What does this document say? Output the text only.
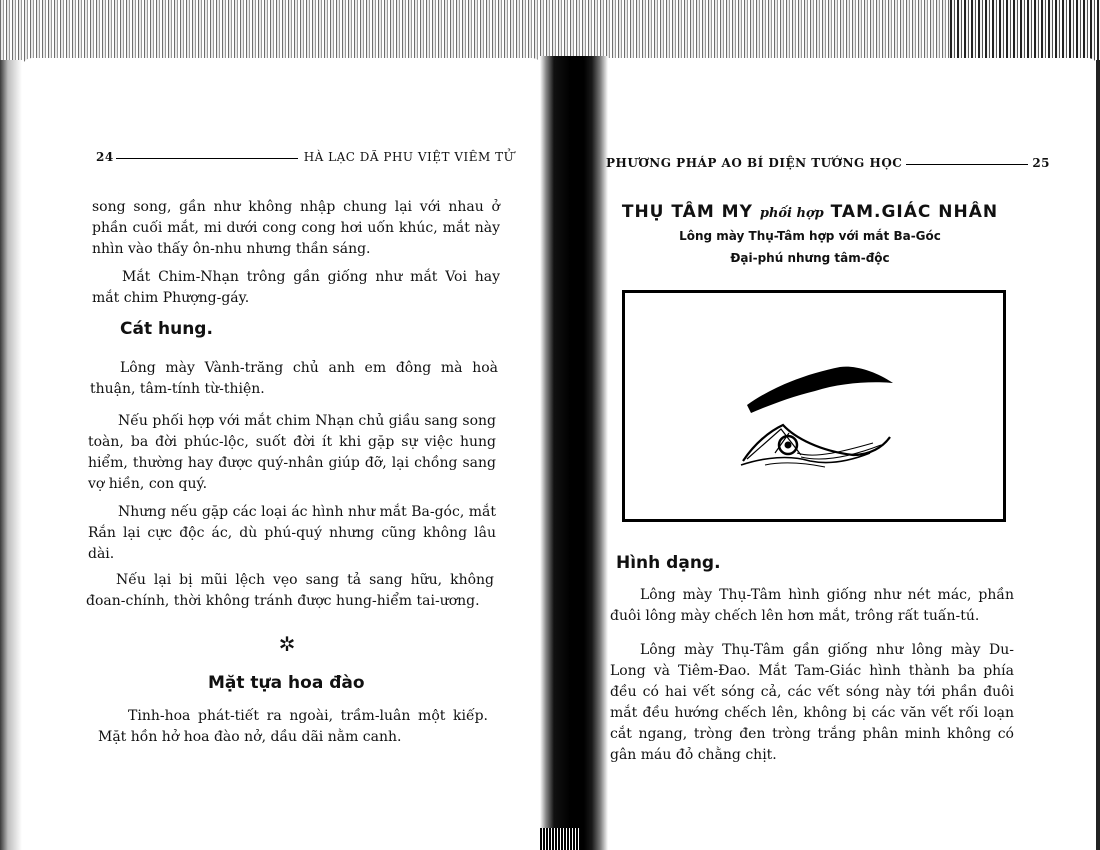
24	HÀ LẠC DÃ PHU VIỆT VIÊM TỬ
song song, gần như không nhập chung lại với nhau ở phần cuối mắt, mi dưới cong cong hơi uốn khúc, mắt này nhìn vào thấy ôn-nhu nhưng thần sáng.
Mắt Chim-Nhạn trông gần giống như mắt Voi hay mắt chim Phượng-gáy.
Cát hung.
Lông mày Vành-trăng chủ anh em đông mà hoà thuận, tâm-tính từ-thiện.
Nếu phối hợp với mắt chim Nhạn chủ giầu sang song toàn, ba đời phúc-lộc, suốt đời ít khi gặp sự việc hung hiểm, thường hay được quý-nhân giúp đỡ, lại chồng sang vợ hiền, con quý.
Nhưng nếu gặp các loại ác hình như mắt Ba-góc, mắt Rắn lại cực độc ác, dù phú-quý nhưng cũng không lâu dài.
Nếu lại bị mũi lệch vẹo sang tả sang hữu, không đoan-chính, thời không tránh được hung-hiểm tai-ương.
✲
Mặt tựa hoa đào
Tinh-hoa phát-tiết ra ngoài, trầm-luân một kiếp. Mặt hồn hở hoa đào nở, dầu dãi nằm canh.
PHƯƠNG PHÁP AO BÍ DIỆN TƯỚNG HỌC	25
THỤ TÂM MY phối hợp TAM.GIÁC NHÂN
Lông mày Thụ-Tâm hợp với mắt Ba-Góc
Đại-phú nhưng tâm-độc
Hình dạng.
Lông mày Thụ-Tâm hình giống như nét mác, phần đuôi lông mày chếch lên hơn mắt, trông rất tuấn-tú.
Lông mày Thụ-Tâm gần giống như lông mày Du-Long và Tiêm-Đao. Mắt Tam-Giác hình thành ba phía đều có hai vết sóng cả, các vết sóng này tới phần đuôi mắt đều hướng chếch lên, không bị các văn vết rối loạn cắt ngang, tròng đen tròng trắng phân minh không có gân máu đỏ chằng chịt.
